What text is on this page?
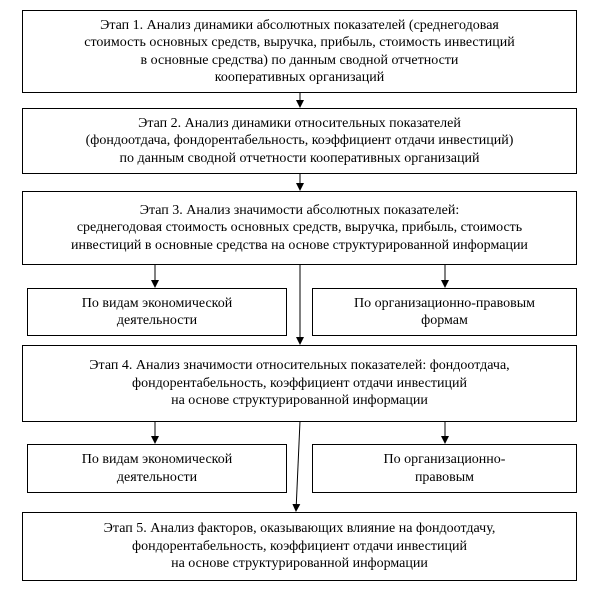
Этап 1. Анализ динамики абсолютных показателей (среднегодовая
стоимость основных средств, выручка, прибыль, стоимость инвестиций
в основные средства) по данным сводной отчетности
кооперативных организаций
Этап 2. Анализ динамики относительных показателей
(фондоотдача, фондорентабельность, коэффициент отдачи инвестиций)
по данным сводной отчетности кооперативных организаций
Этап 3. Анализ значимости абсолютных показателей:
среднегодовая стоимость основных средств, выручка, прибыль, стоимость
инвестиций в основные средства на основе структурированной информации
По видам экономической
деятельности
По организационно-правовым
формам
Этап 4. Анализ значимости относительных показателей: фондоотдача,
фондорентабельность, коэффициент отдачи инвестиций
на основе структурированной информации
По видам экономической
деятельности
По организационно-
правовым
Этап 5. Анализ факторов, оказывающих влияние на фондоотдачу,
фондорентабельность, коэффициент отдачи инвестиций
на основе структурированной информации
